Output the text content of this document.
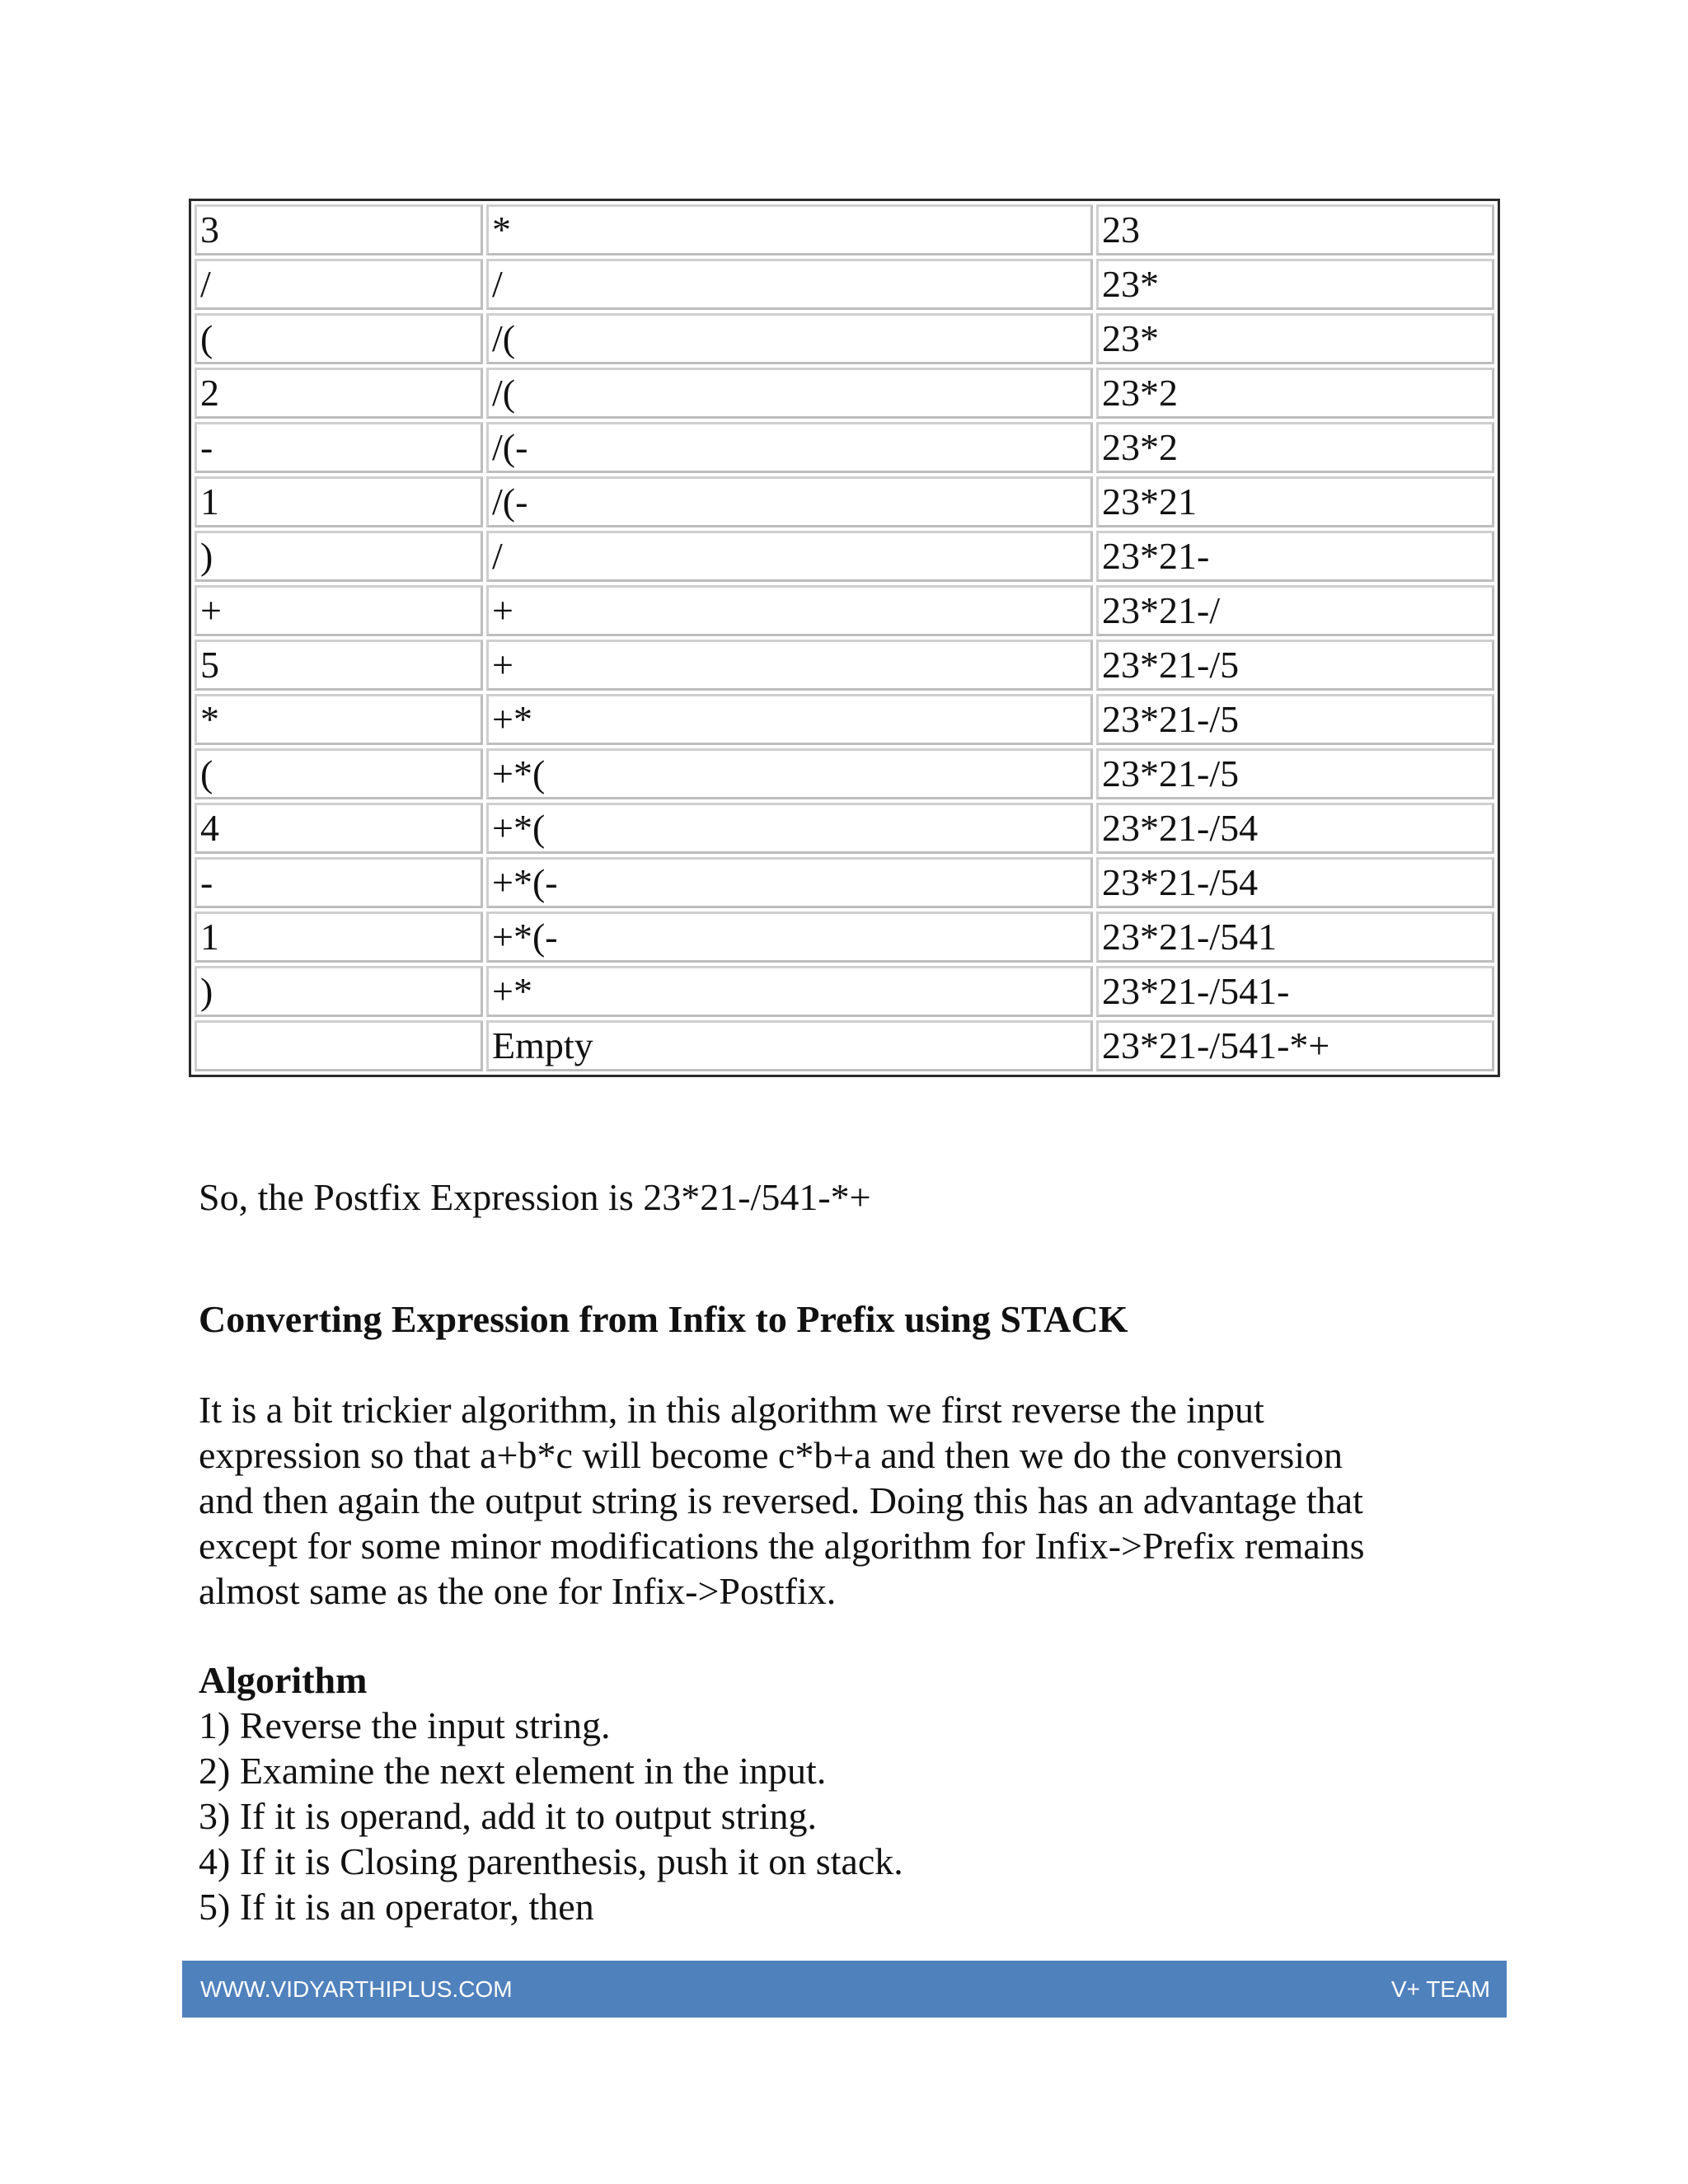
3	*	23
/	/	23*
(	/(	23*
2	/(	23*2
-	/(-	23*2
1	/(-	23*21
)	/	23*21-
+	+	23*21-/
5	+	23*21-/5
*	+*	23*21-/5
(	+*(	23*21-/5
4	+*(	23*21-/54
-	+*(-	23*21-/54
1	+*(-	23*21-/541
)	+*	23*21-/541-
	Empty	23*21-/541-*+
So, the Postfix Expression is 23*21-/541-*+
Converting Expression from Infix to Prefix using STACK
It is a bit trickier algorithm, in this algorithm we first reverse the input
expression so that a+b*c will become c*b+a and then we do the conversion
and then again the output string is reversed. Doing this has an advantage that
except for some minor modifications the algorithm for Infix->Prefix remains
almost same as the one for Infix->Postfix.
Algorithm
1) Reverse the input string.
2) Examine the next element in the input.
3) If it is operand, add it to output string.
4) If it is Closing parenthesis, push it on stack.
5) If it is an operator, then
WWW.VIDYARTHIPLUS.COM	V+ TEAM
